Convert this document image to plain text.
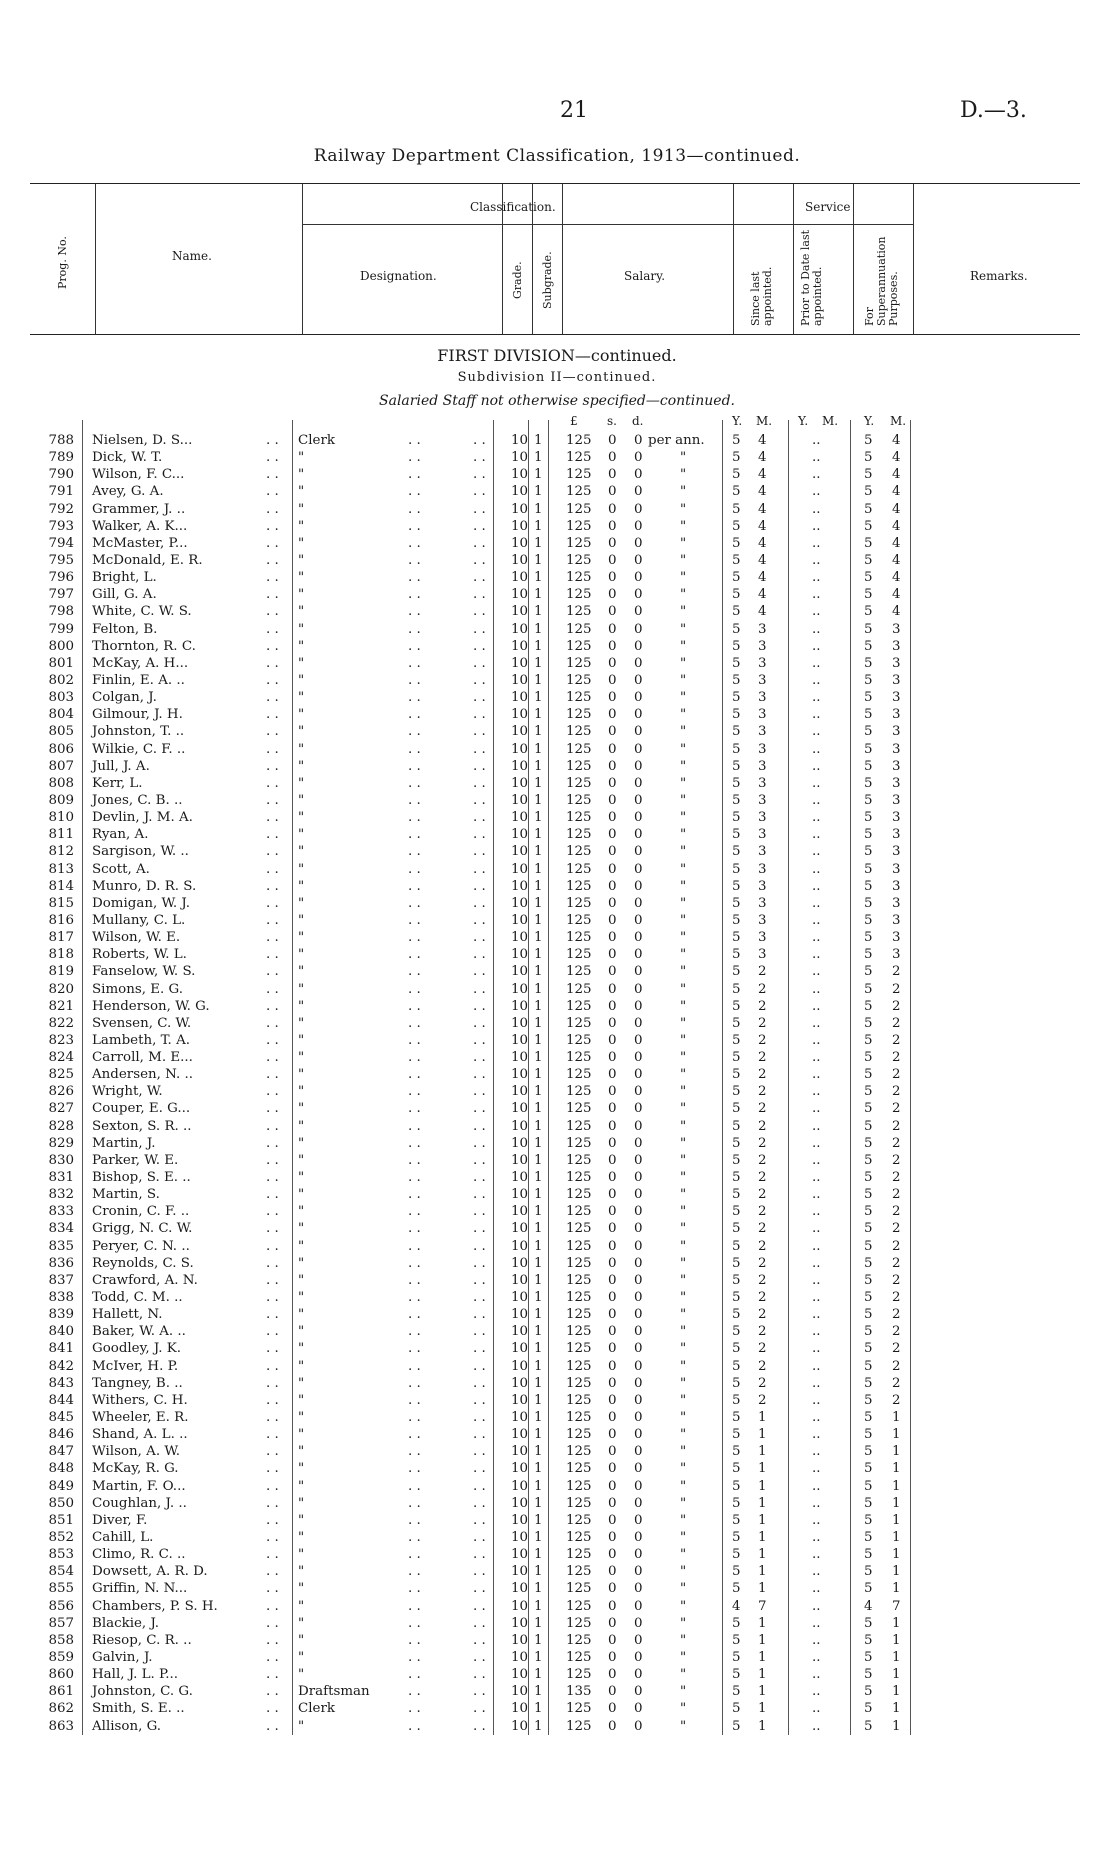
21	D.—3.
Railway Department Classification, 1913—continued.
Prog. No.	Name.
Classification.
Designation.	Grade. Subgrade.	Salary.
Service
Since last appointed. Prior to Date last appointed.	For Superannuation Purposes.	Remarks.
FIRST DIVISION—continued.
Subdivision II—continued.
Salaried Staff not otherwise specified—continued.
£ s. d.	Y. M. Y. M. Y. M.
788 Nielsen, D. S...	. . Clerk	. .	. .	10 1 125 0 0 per ann. 5 4	..	5 4
789 Dick, W. T.	. . "	. .	. .	10 1 125 0 0	"	5 4	..	5 4
790 Wilson, F. C...	. . "	. .	. .	10 1 125 0 0	"	5 4	..	5 4
791 Avey, G. A.	. . "	. .	. .	10 1 125 0 0	"	5 4	..	5 4
792 Grammer, J. ..	. . "	. .	. .	10 1 125 0 0	"	5 4	..	5 4
793 Walker, A. K...	. . "	. .	. .	10 1 125 0 0	"	5 4	..	5 4
794 McMaster, P...	. . "	. .	. .	10 1 125 0 0	"	5 4	..	5 4
795 McDonald, E. R.	. . "	. .	. .	10 1 125 0 0	"	5 4	..	5 4
796 Bright, L.	. . "	. .	. .	10 1 125 0 0	"	5 4	..	5 4
797 Gill, G. A.	. . "	. .	. .	10 1 125 0 0	"	5 4	..	5 4
798 White, C. W. S.	. . "	. .	. .	10 1 125 0 0	"	5 4	..	5 4
799 Felton, B.	. . "	. .	. .	10 1 125 0 0	"	5 3	..	5 3
800 Thornton, R. C.	. . "	. .	. .	10 1 125 0 0	"	5 3	..	5 3
801 McKay, A. H...	. . "	. .	. .	10 1 125 0 0	"	5 3	..	5 3
802 Finlin, E. A. ..	. . "	. .	. .	10 1 125 0 0	"	5 3	..	5 3
803 Colgan, J.	. . "	. .	. .	10 1 125 0 0	"	5 3	..	5 3
804 Gilmour, J. H.	. . "	. .	. .	10 1 125 0 0	"	5 3	..	5 3
805 Johnston, T. ..	. . "	. .	. .	10 1 125 0 0	"	5 3	..	5 3
806 Wilkie, C. F. ..	. . "	. .	. .	10 1 125 0 0	"	5 3	..	5 3
807 Jull, J. A.	. . "	. .	. .	10 1 125 0 0	"	5 3	..	5 3
808 Kerr, L.	. . "	. .	. .	10 1 125 0 0	"	5 3	..	5 3
809 Jones, C. B. ..	. . "	. .	. .	10 1 125 0 0	"	5 3	..	5 3
810 Devlin, J. M. A.	. . "	. .	. .	10 1 125 0 0	"	5 3	..	5 3
811 Ryan, A.	. . "	. .	. .	10 1 125 0 0	"	5 3	..	5 3
812 Sargison, W. ..	. . "	. .	. .	10 1 125 0 0	"	5 3	..	5 3
813 Scott, A.	. . "	. .	. .	10 1 125 0 0	"	5 3	..	5 3
814 Munro, D. R. S.	. . "	. .	. .	10 1 125 0 0	"	5 3	..	5 3
815 Domigan, W. J.	. . "	. .	. .	10 1 125 0 0	"	5 3	..	5 3
816 Mullany, C. L.	. . "	. .	. .	10 1 125 0 0	"	5 3	..	5 3
817 Wilson, W. E.	. . "	. .	. .	10 1 125 0 0	"	5 3	..	5 3
818 Roberts, W. L.	. . "	. .	. .	10 1 125 0 0	"	5 3	..	5 3
819 Fanselow, W. S.	. . "	. .	. .	10 1 125 0 0	"	5 2	..	5 2
820 Simons, E. G.	. . "	. .	. .	10 1 125 0 0	"	5 2	..	5 2
821 Henderson, W. G.	. . "	. .	. .	10 1 125 0 0	"	5 2	..	5 2
822 Svensen, C. W.	. . "	. .	. .	10 1 125 0 0	"	5 2	..	5 2
823 Lambeth, T. A.	. . "	. .	. .	10 1 125 0 0	"	5 2	..	5 2
824 Carroll, M. E...	. . "	. .	. .	10 1 125 0 0	"	5 2	..	5 2
825 Andersen, N. ..	. . "	. .	. .	10 1 125 0 0	"	5 2	..	5 2
826 Wright, W.	. . "	. .	. .	10 1 125 0 0	"	5 2	..	5 2
827 Couper, E. G...	. . "	. .	. .	10 1 125 0 0	"	5 2	..	5 2
828 Sexton, S. R. ..	. . "	. .	. .	10 1 125 0 0	"	5 2	..	5 2
829 Martin, J.	. . "	. .	. .	10 1 125 0 0	"	5 2	..	5 2
830 Parker, W. E.	. . "	. .	. .	10 1 125 0 0	"	5 2	..	5 2
831 Bishop, S. E. ..	. . "	. .	. .	10 1 125 0 0	"	5 2	..	5 2
832 Martin, S.	. . "	. .	. .	10 1 125 0 0	"	5 2	..	5 2
833 Cronin, C. F. ..	. . "	. .	. .	10 1 125 0 0	"	5 2	..	5 2
834 Grigg, N. C. W.	. . "	. .	. .	10 1 125 0 0	"	5 2	..	5 2
835 Peryer, C. N. ..	. . "	. .	. .	10 1 125 0 0	"	5 2	..	5 2
836 Reynolds, C. S.	. . "	. .	. .	10 1 125 0 0	"	5 2	..	5 2
837 Crawford, A. N.	. . "	. .	. .	10 1 125 0 0	"	5 2	..	5 2
838 Todd, C. M. ..	. . "	. .	. .	10 1 125 0 0	"	5 2	..	5 2
839 Hallett, N.	. . "	. .	. .	10 1 125 0 0	"	5 2	..	5 2
840 Baker, W. A. ..	. . "	. .	. .	10 1 125 0 0	"	5 2	..	5 2
841 Goodley, J. K.	. . "	. .	. .	10 1 125 0 0	"	5 2	..	5 2
842 McIver, H. P.	. . "	. .	. .	10 1 125 0 0	"	5 2	..	5 2
843 Tangney, B. ..	. . "	. .	. .	10 1 125 0 0	"	5 2	..	5 2
844 Withers, C. H.	. . "	. .	. .	10 1 125 0 0	"	5 2	..	5 2
845 Wheeler, E. R.	. . "	. .	. .	10 1 125 0 0	"	5 1	..	5 1
846 Shand, A. L. ..	. . "	. .	. .	10 1 125 0 0	"	5 1	..	5 1
847 Wilson, A. W.	. . "	. .	. .	10 1 125 0 0	"	5 1	..	5 1
848 McKay, R. G.	. . "	. .	. .	10 1 125 0 0	"	5 1	..	5 1
849 Martin, F. O...	. . "	. .	. .	10 1 125 0 0	"	5 1	..	5 1
850 Coughlan, J. ..	. . "	. .	. .	10 1 125 0 0	"	5 1	..	5 1
851 Diver, F.	. . "	. .	. .	10 1 125 0 0	"	5 1	..	5 1
852 Cahill, L.	. . "	. .	. .	10 1 125 0 0	"	5 1	..	5 1
853 Climo, R. C. ..	. . "	. .	. .	10 1 125 0 0	"	5 1	..	5 1
854 Dowsett, A. R. D.	. . "	. .	. .	10 1 125 0 0	"	5 1	..	5 1
855 Griffin, N. N...	. . "	. .	. .	10 1 125 0 0	"	5 1	..	5 1
856 Chambers, P. S. H.	. . "	. .	. .	10 1 125 0 0	"	4 7	..	4 7
857 Blackie, J.	. . "	. .	. .	10 1 125 0 0	"	5 1	..	5 1
858 Riesop, C. R. ..	. . "	. .	. .	10 1 125 0 0	"	5 1	..	5 1
859 Galvin, J.	. . "	. .	. .	10 1 125 0 0	"	5 1	..	5 1
860 Hall, J. L. P...	. . "	. .	. .	10 1 125 0 0	"	5 1	..	5 1
861 Johnston, C. G.	. . Draftsman	. .	. .	10 1 135 0 0	"	5 1	..	5 1
862 Smith, S. E. ..	. . Clerk	. .	. .	10 1 125 0 0	"	5 1	..	5 1
863 Allison, G.	. . "	. .	. .	10 1 125 0 0	"	5 1	..	5 1
